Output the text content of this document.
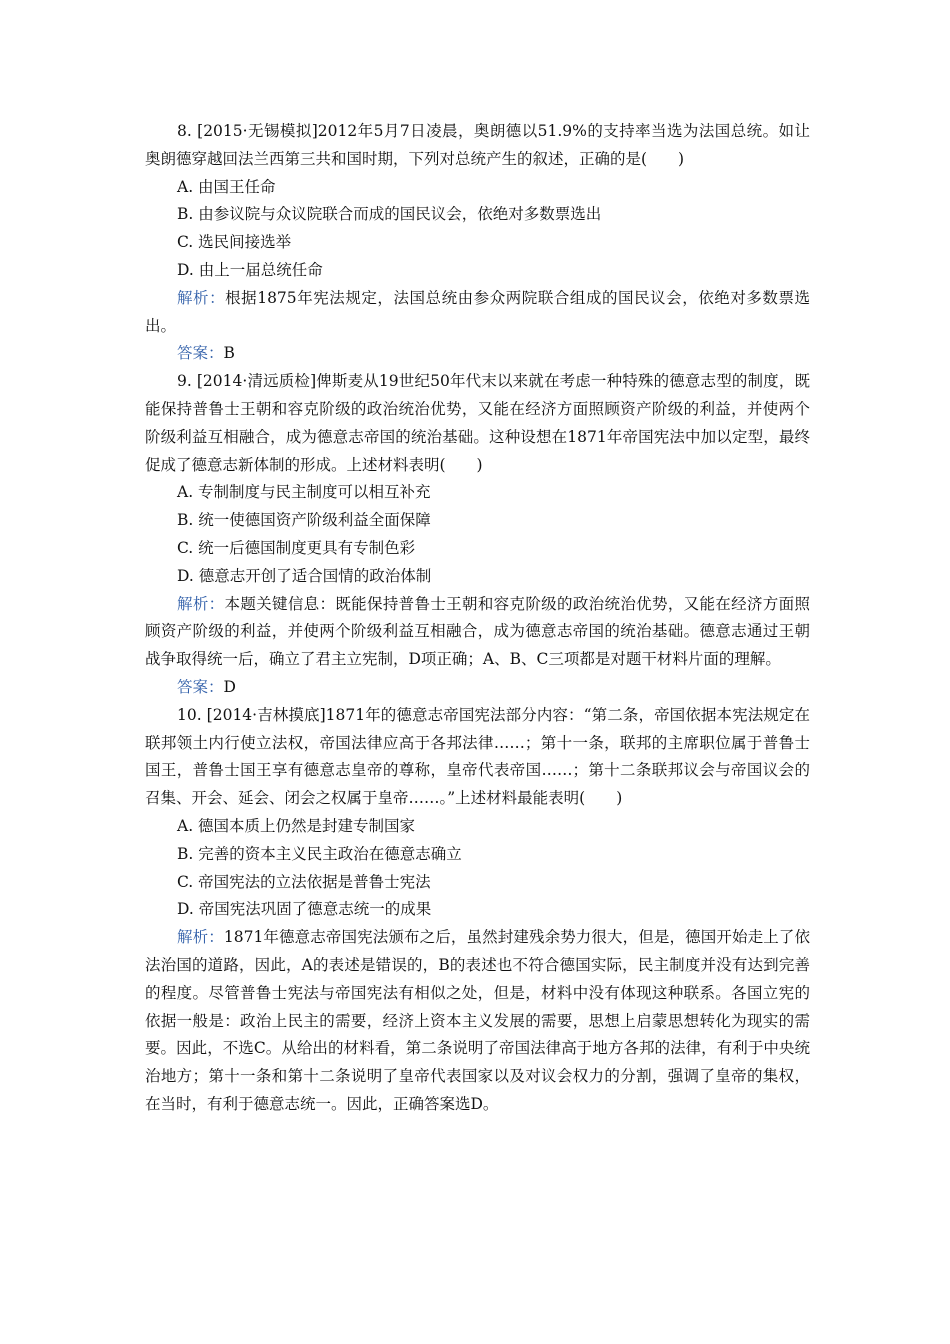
8. [2015·无锡模拟]2012年5月7日凌晨，奥朗德以51.9%的支持率当选为法国总统。如让奥朗德穿越回法兰西第三共和国时期，下列对总统产生的叙述，正确的是(　　)

A. 由国王任命

B. 由参议院与众议院联合而成的国民议会，依绝对多数票选出

C. 选民间接选举

D. 由上一届总统任命

解析：根据1875年宪法规定，法国总统由参众两院联合组成的国民议会，依绝对多数票选出。

答案：B

9. [2014·清远质检]俾斯麦从19世纪50年代末以来就在考虑一种特殊的德意志型的制度，既能保持普鲁士王朝和容克阶级的政治统治优势，又能在经济方面照顾资产阶级的利益，并使两个阶级利益互相融合，成为德意志帝国的统治基础。这种设想在1871年帝国宪法中加以定型，最终促成了德意志新体制的形成。上述材料表明(　　)

A. 专制制度与民主制度可以相互补充

B. 统一使德国资产阶级利益全面保障

C. 统一后德国制度更具有专制色彩

D. 德意志开创了适合国情的政治体制

解析：本题关键信息：既能保持普鲁士王朝和容克阶级的政治统治优势，又能在经济方面照顾资产阶级的利益，并使两个阶级利益互相融合，成为德意志帝国的统治基础。德意志通过王朝战争取得统一后，确立了君主立宪制，D项正确；A、B、C三项都是对题干材料片面的理解。

答案：D

10. [2014·吉林摸底]1871年的德意志帝国宪法部分内容：“第二条，帝国依据本宪法规定在联邦领土内行使立法权，帝国法律应高于各邦法律……；第十一条，联邦的主席职位属于普鲁士国王，普鲁士国王享有德意志皇帝的尊称，皇帝代表帝国……；第十二条联邦议会与帝国议会的召集、开会、延会、闭会之权属于皇帝……。”上述材料最能表明(　　)

A. 德国本质上仍然是封建专制国家

B. 完善的资本主义民主政治在德意志确立

C. 帝国宪法的立法依据是普鲁士宪法

D. 帝国宪法巩固了德意志统一的成果

解析：1871年德意志帝国宪法颁布之后，虽然封建残余势力很大，但是，德国开始走上了依法治国的道路，因此，A的表述是错误的，B的表述也不符合德国实际，民主制度并没有达到完善的程度。尽管普鲁士宪法与帝国宪法有相似之处，但是，材料中没有体现这种联系。各国立宪的依据一般是：政治上民主的需要，经济上资本主义发展的需要，思想上启蒙思想转化为现实的需要。因此，不选C。从给出的材料看，第二条说明了帝国法律高于地方各邦的法律，有利于中央统治地方；第十一条和第十二条说明了皇帝代表国家以及对议会权力的分割，强调了皇帝的集权，在当时，有利于德意志统一。因此，正确答案选D。
